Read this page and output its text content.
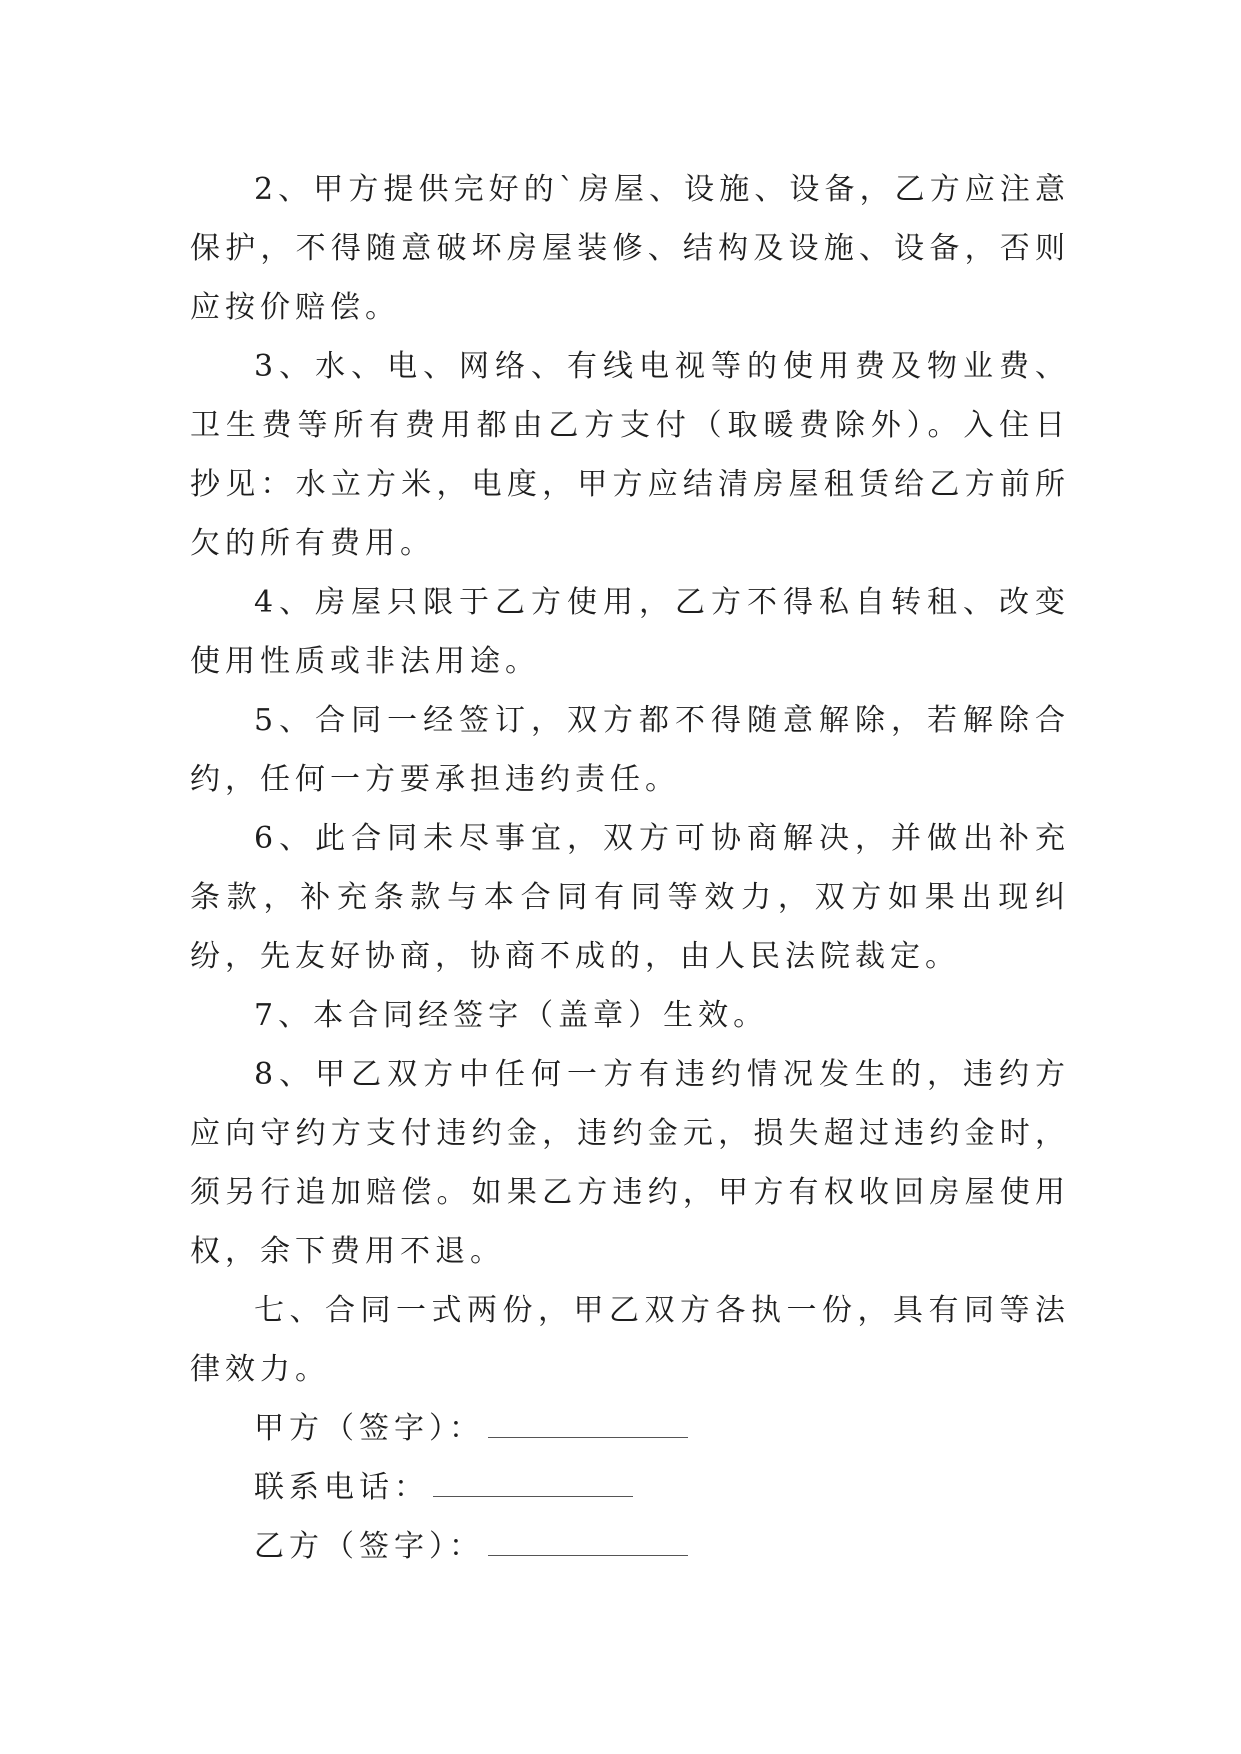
2、甲方提供完好的`房屋、设施、设备，乙方应注意保护，不得随意破坏房屋装修、结构及设施、设备，否则应按价赔偿。

3、水、电、网络、有线电视等的使用费及物业费、卫生费等所有费用都由乙方支付（取暖费除外）。入住日抄见：水立方米，电度，甲方应结清房屋租赁给乙方前所欠的所有费用。

4、房屋只限于乙方使用，乙方不得私自转租、改变使用性质或非法用途。

5、合同一经签订，双方都不得随意解除，若解除合约，任何一方要承担违约责任。

6、此合同未尽事宜，双方可协商解决，并做出补充条款，补充条款与本合同有同等效力，双方如果出现纠纷，先友好协商，协商不成的，由人民法院裁定。

7、本合同经签字（盖章）生效。

8、甲乙双方中任何一方有违约情况发生的，违约方应向守约方支付违约金，违约金元，损失超过违约金时，须另行追加赔偿。如果乙方违约，甲方有权收回房屋使用权，余下费用不退。

七、合同一式两份，甲乙双方各执一份，具有同等法律效力。

甲方（签字）：

联系电话：

乙方（签字）：
